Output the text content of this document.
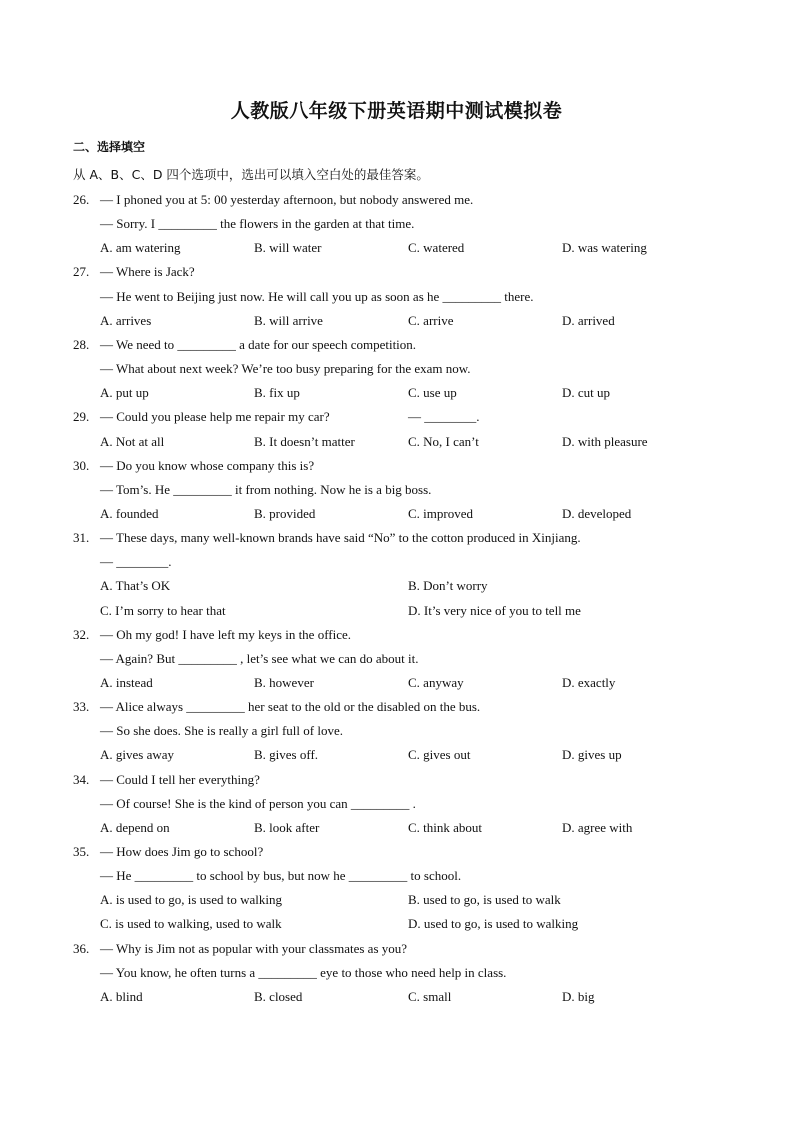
人教版八年级下册英语期中测试模拟卷
二、选择填空
从 A、B、C、D 四个选项中，选出可以填入空白处的最佳答案。
26. — I phoned you at 5: 00 yesterday afternoon, but nobody answered me.
— Sorry. I _________ the flowers in the garden at that time.
A. am watering	B. will water	C. watered	D. was watering
27. — Where is Jack?
— He went to Beijing just now. He will call you up as soon as he _________ there.
A. arrives	B. will arrive	C. arrive	D. arrived
28. — We need to _________ a date for our speech competition.
— What about next week? We’re too busy preparing for the exam now.
A. put up	B. fix up	C. use up	D. cut up
29. — Could you please help me repair my car?	— ________.
A. Not at all	B. It doesn’t matter	C. No, I can’t	D. with pleasure
30. — Do you know whose company this is?
— Tom’s. He _________ it from nothing. Now he is a big boss.
A. founded	B. provided	C. improved	D. developed
31. — These days, many well-known brands have said “No” to the cotton produced in Xinjiang.
— ________.
A. That’s OK	B. Don’t worry
C. I’m sorry to hear that	D. It’s very nice of you to tell me
32. — Oh my god! I have left my keys in the office.
— Again? But _________ , let’s see what we can do about it.
A. instead	B. however	C. anyway	D. exactly
33. — Alice always _________ her seat to the old or the disabled on the bus.
— So she does. She is really a girl full of love.
A. gives away	B. gives off.	C. gives out	D. gives up
34. — Could I tell her everything?
— Of course! She is the kind of person you can _________ .
A. depend on	B. look after	C. think about	D. agree with
35. — How does Jim go to school?
— He _________ to school by bus, but now he _________ to school.
A. is used to go, is used to walking	B. used to go, is used to walk
C. is used to walking, used to walk	D. used to go, is used to walking
36. — Why is Jim not as popular with your classmates as you?
— You know, he often turns a _________ eye to those who need help in class.
A. blind	B. closed	C. small	D. big
